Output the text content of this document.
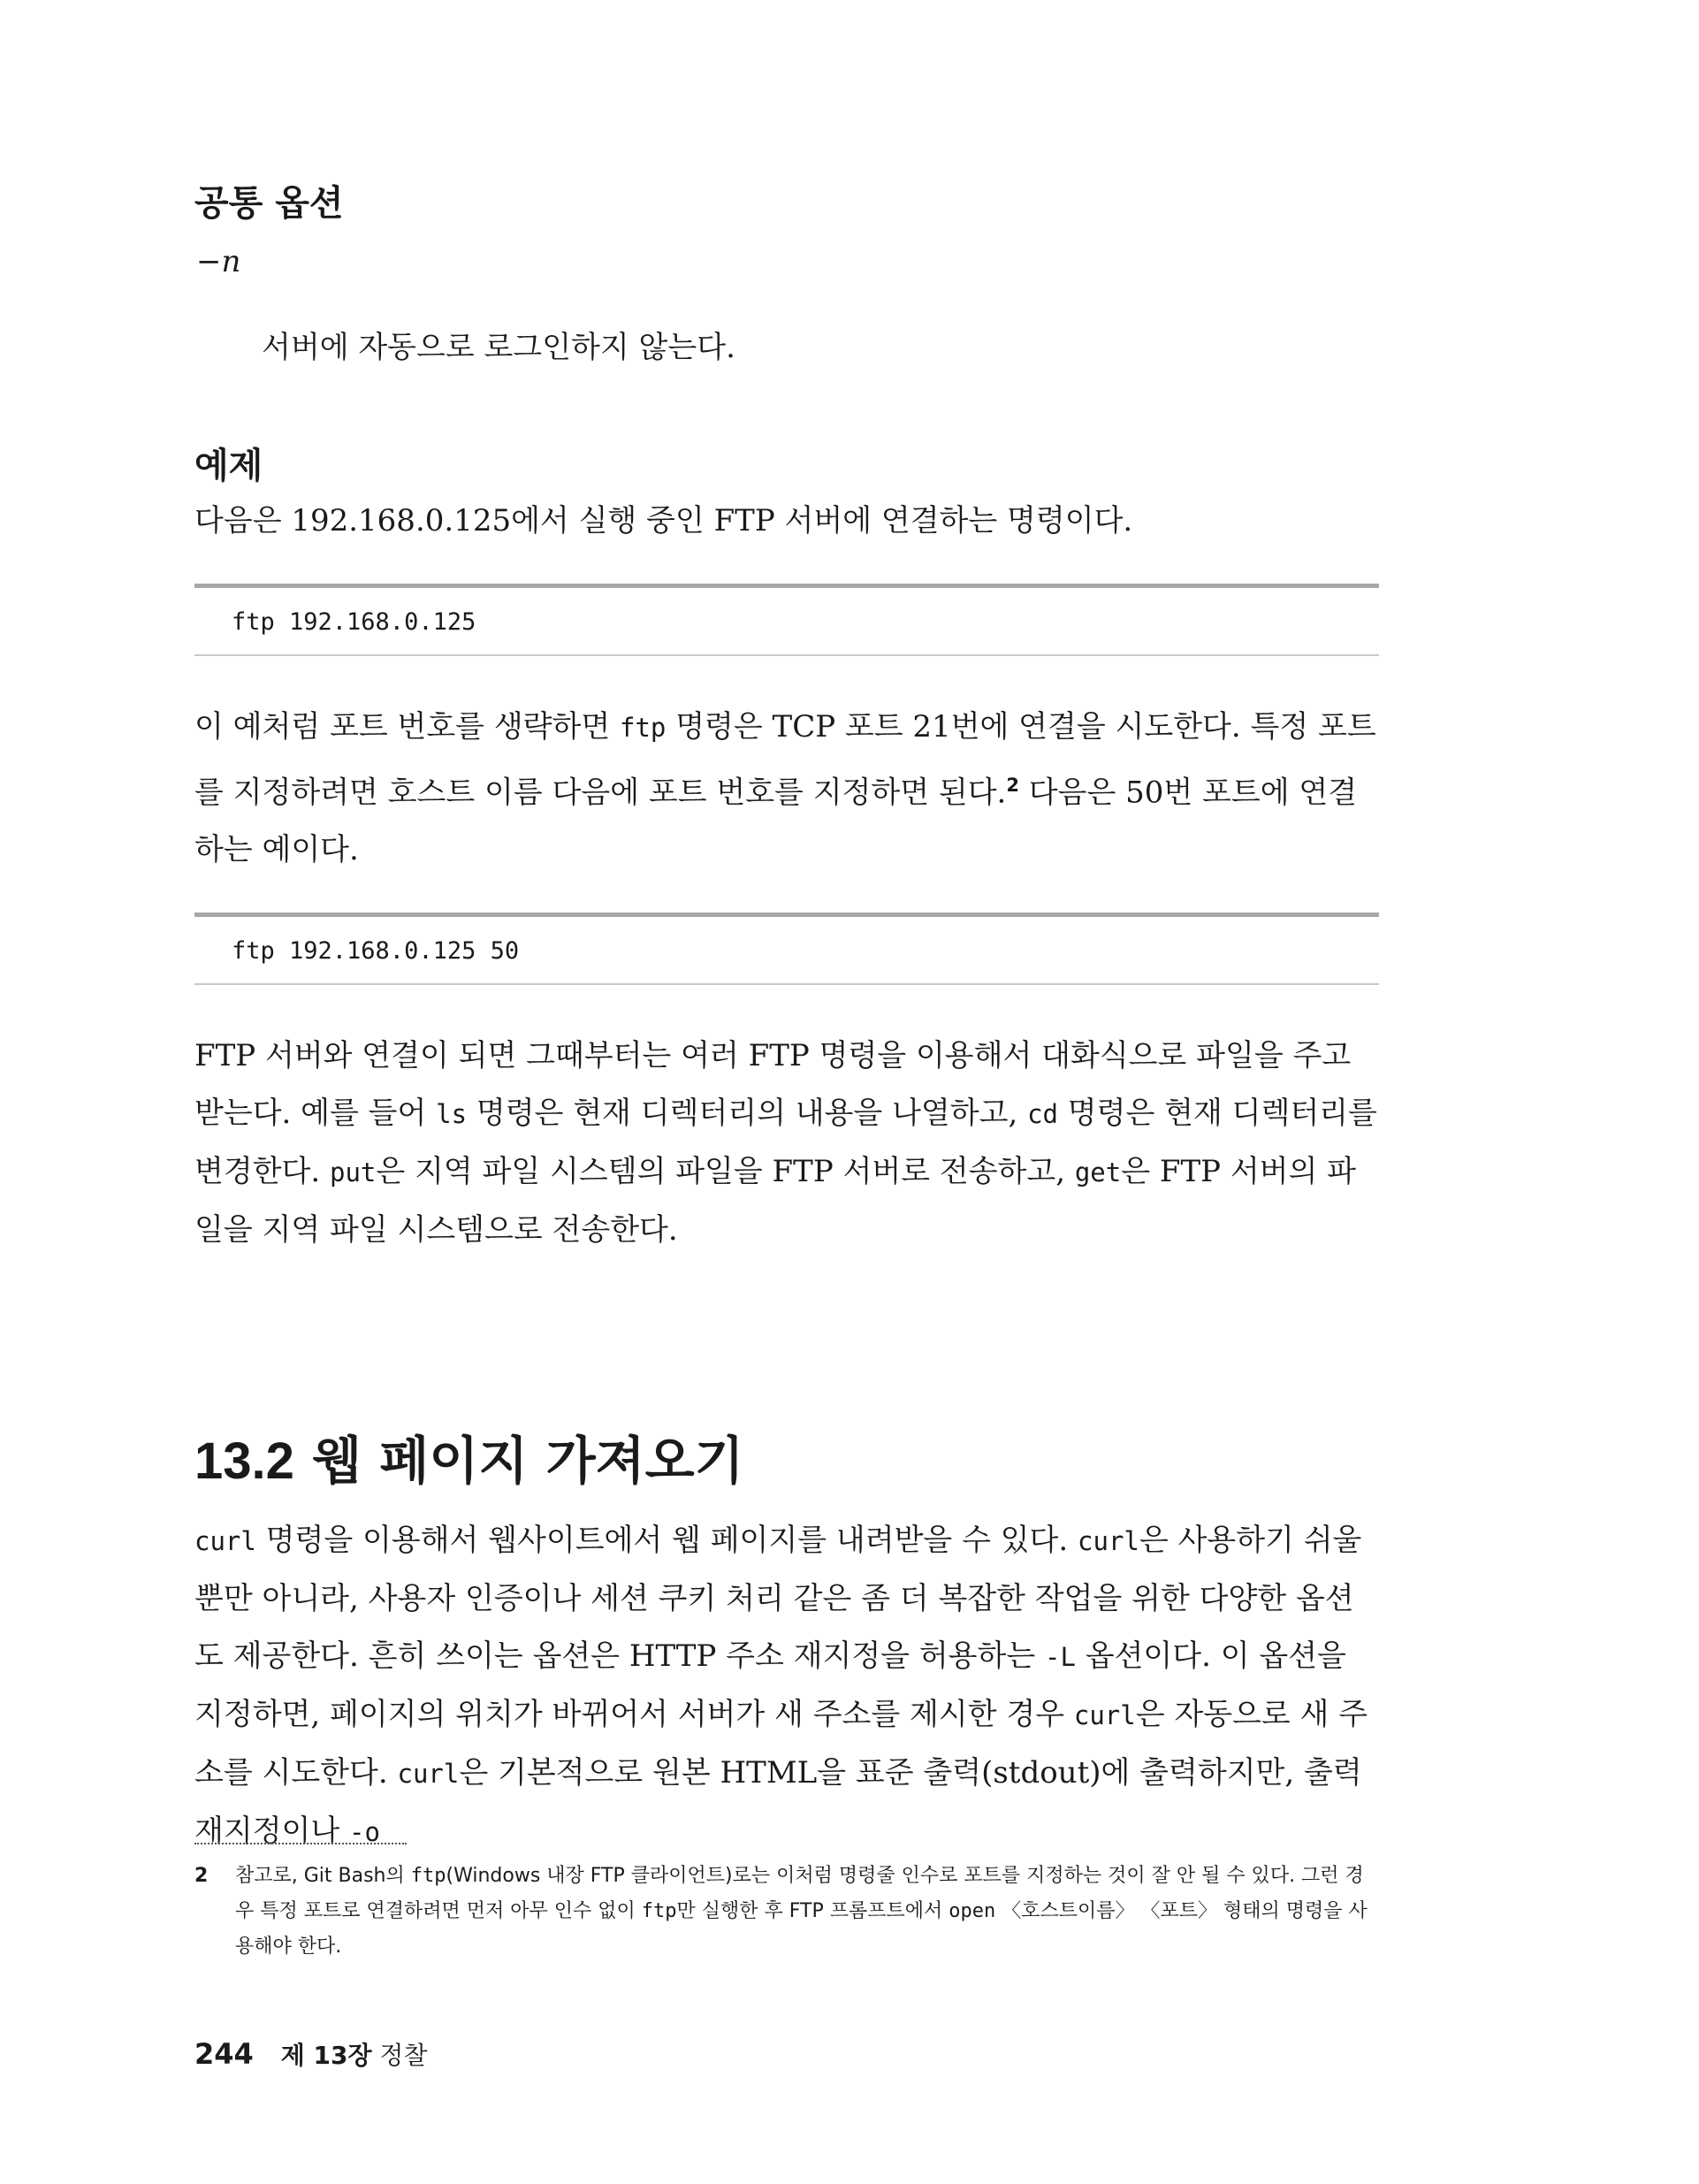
공통 옵션
−n
서버에 자동으로 로그인하지 않는다.
예제
다음은 192.168.0.125에서 실행 중인 FTP 서버에 연결하는 명령이다.
ftp 192.168.0.125
이 예처럼 포트 번호를 생략하면 ftp 명령은 TCP 포트 21번에 연결을 시도한다. 특정 포트를 지정하려면 호스트 이름 다음에 포트 번호를 지정하면 된다.$^2$ 다음은 50번 포트에 연결하는 예이다.
ftp 192.168.0.125 50
FTP 서버와 연결이 되면 그때부터는 여러 FTP 명령을 이용해서 대화식으로 파일을 주고받는다. 예를 들어 ls 명령은 현재 디렉터리의 내용을 나열하고, cd 명령은 현재 디렉터리를 변경한다. put은 지역 파일 시스템의 파일을 FTP 서버로 전송하고, get은 FTP 서버의 파일을 지역 파일 시스템으로 전송한다.
13.2 웹 페이지 가져오기
curl 명령을 이용해서 웹사이트에서 웹 페이지를 내려받을 수 있다. curl은 사용하기 쉬울 뿐만 아니라, 사용자 인증이나 세션 쿠키 처리 같은 좀 더 복잡한 작업을 위한 다양한 옵션도 제공한다. 흔히 쓰이는 옵션은 HTTP 주소 재지정을 허용하는 -L 옵션이다. 이 옵션을 지정하면, 페이지의 위치가 바뀌어서 서버가 새 주소를 제시한 경우 curl은 자동으로 새 주소를 시도한다. curl은 기본적으로 원본 HTML을 표준 출력(stdout)에 출력하지만, 출력 재지정이나 -o
2 참고로, Git Bash의 ftp(Windows 내장 FTP 클라이언트)로는 이처럼 명령줄 인수로 포트를 지정하는 것이 잘 안 될 수 있다. 그런 경우 특정 포트로 연결하려면 먼저 아무 인수 없이 ftp만 실행한 후 FTP 프롬프트에서 open 〈호스트이름〉 〈포트〉 형태의 명령을 사용해야 한다.
244 제 13장 정찰
